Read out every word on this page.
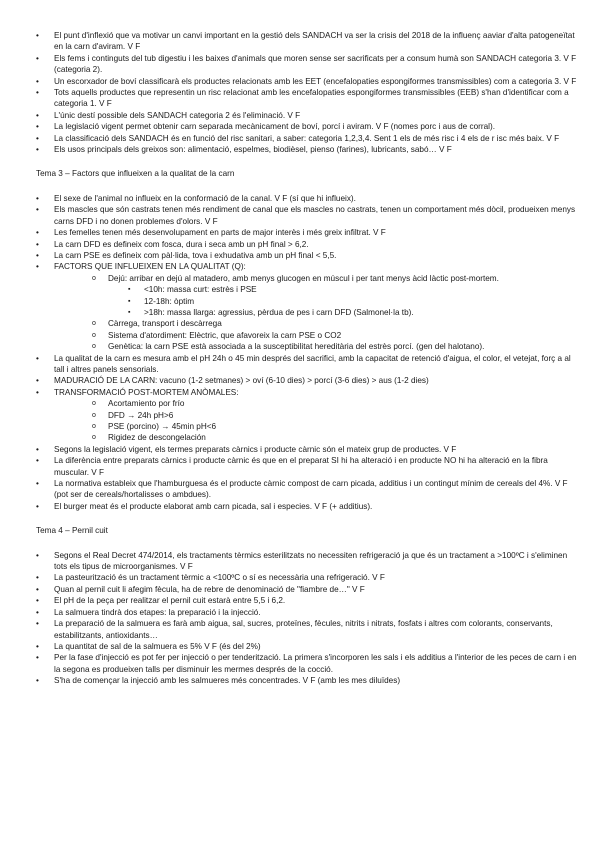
• El punt d'inflexió que va motivar un canvi important en la gestió dels SANDACH va ser la crisis del 2018 de la influenç aaviar d'alta patogeneïtat en la carn d'aviram. V F
• Els fems i continguts del tub digestiu i les baixes d'animals que moren sense ser sacrificats per a consum humà son SANDACH categoria 3. V F (categoria 2).
• Un escorxador de boví classificarà els productes relacionats amb les EET (encefalopaties espongiformes transmissibles) com a categoria 3. V F
• Tots aquells productes que representin un risc relacionat amb les encefalopaties espongiformes transmissibles (EEB) s'han d'identificar com a categoria 1. V F
• L'únic destí possible dels SANDACH categoria 2 és l'eliminació. V F
• La legislació vigent permet obtenir carn separada mecànicament de boví, porcí i aviram. V F (nomes porc i aus de corral).
• La classificació dels SANDACH és en funció del risc sanitari, a saber: categoria 1,2,3,4. Sent 1 els de més risc i 4 els de r isc més baix. V F
• Els usos principals dels greixos son: alimentació, espelmes, biodièsel, pienso (farines), lubricants, sabó… V F
Tema 3 – Factors que influeixen a la qualitat de la carn
• El sexe de l'animal no influeix en la conformació de la canal. V F (sí que hi influeix).
• Els mascles que són castrats tenen més rendiment de canal que els mascles no castrats, tenen un comportament més dòcil, produeixen menys carns DFD i no donen problemes d'olors. V F
• Les femelles tenen més desenvolupament en parts de major interès i més greix infiltrat. V F
• La carn DFD es defineix com fosca, dura i seca amb un pH final > 6,2.
• La carn PSE es defineix com pàl·lida, tova i exhudativa amb un pH final < 5,5.
• FACTORS QUE INFLUEIXEN EN LA QUALITAT (Q):
o Dejú: arribar en dejú al matadero, amb menys glucogen en múscul i per tant menys àcid làctic post-mortem.
▪ <10h: massa curt: estrès i PSE
▪ 12-18h: òptim
▪ >18h: massa llarga: agressius, pèrdua de pes i carn DFD (Salmonel·la tb).
o Càrrega, transport i descàrrega
o Sistema d'atordiment: Elèctric, que afavoreix la carn PSE o CO2
o Genètica: la carn PSE està associada a la susceptibilitat hereditària del estrès porcí. (gen del halotano).
• La qualitat de la carn es mesura amb el pH 24h o 45 min després del sacrifici, amb la capacitat de retenció d'aigua, el color, el vetejat, forç a al tall i altres panels sensorials.
• MADURACIÓ DE LA CARN: vacuno (1-2 setmanes) > oví (6-10 dies) > porcí (3-6 dies) > aus (1-2 dies)
• TRANSFORMACIÓ POST-MORTEM ANÒMALES:
o Acortamiento por frío
o DFD → 24h pH>6
o PSE (porcino) → 45min pH<6
o Rigidez de descongelación
• Segons la legislació vigent, els termes preparats càrnics i producte càrnic són el mateix grup de productes. V F
• La diferència entre preparats càrnics i producte càrnic és que en el preparat SI hi ha alteració i en producte NO hi ha alteració en la fibra muscular. V F
• La normativa estableix que l'hamburguesa és el producte càrnic compost de carn picada, additius i un contingut mínim de cereals del 4%. V F (pot ser de cereals/hortalisses o ambdues).
• El burger meat és el producte elaborat amb carn picada, sal i especies. V F (+ additius).
Tema 4 – Pernil cuit
• Segons el Real Decret 474/2014, els tractaments tèrmics esterilitzats no necessiten refrigeració ja que és un tractament a >100ºC i s'eliminen tots els tipus de microorganismes. V F
• La pasteurització és un tractament tèrmic a <100ºC o sí es necessària una refrigeració. V F
• Quan al pernil cuit li afegim fècula, ha de rebre de denominació de "fiambre de…" V F
• El pH de la peça per realitzar el pernil cuit estarà entre 5,5 i 6,2.
• La salmuera tindrà dos etapes: la preparació i la injecció.
• La preparació de la salmuera es farà amb aigua, sal, sucres, proteïnes, fècules, nitrits i nitrats, fosfats i altres com colorants, conservants, estabilitzants, antioxidants…
• La quantitat de sal de la salmuera es 5% V F (és del 2%)
• Per la fase d'injecció es pot fer per injecció o per tenderització. La primera s'incorporen les sals i els additius a l'interior de les peces de carn i en la segona es produeixen talls per disminuir les mermes després de la cocció.
• S'ha de començar la injecció amb les salmueres més concentrades. V F (amb les mes diluïdes)
